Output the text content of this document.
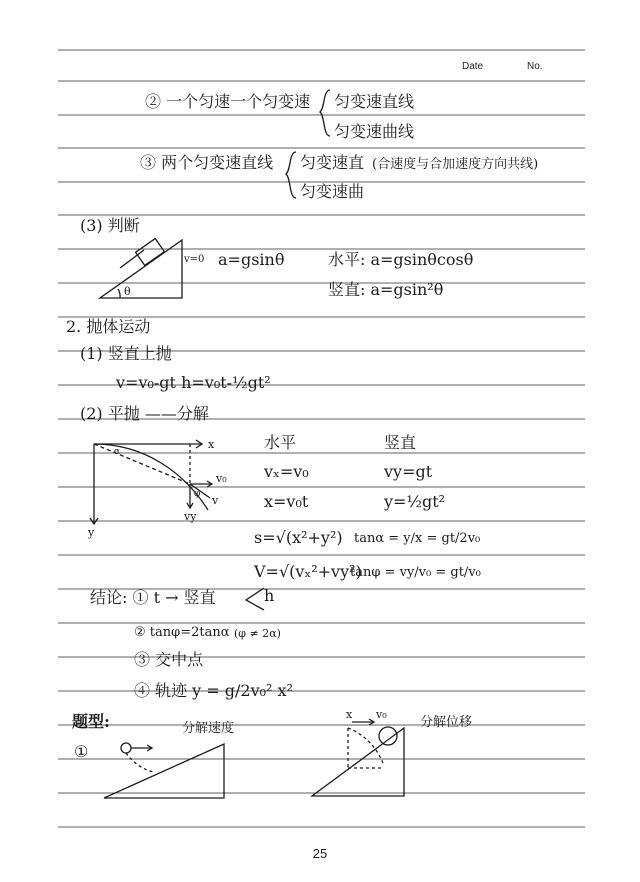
Date	No.
② 一个匀速一个匀变速 匀变速直线
匀变速曲线
③ 两个匀变速直线 匀变速直 (合速度与合加速度方向共线)
匀变速曲
(3) 判断
θ
v=0 a=gsinθ	水平: a=gsinθcosθ
竖直: a=gsin²θ
2. 抛体运动
(1) 竖直上抛
v=v₀-gt h=v₀t-½gt²
(2) 平抛 ——分解
x
y
v₀
v
vy
α
φ
水平	竖直
vₓ=v₀	vy=gt
x=v₀t	y=½gt²
s=√(x²+y²) tanα = y/x = gt/2v₀
V=√(vₓ²+vy²)
tanφ = vy/v₀ = gt/v₀
结论: ① t → 竖直	h
② tanφ=2tanα (φ ≠ 2α)
③ 交中点
④ 轨迹 y = g/2v₀² x²
题型:
①
分解速度	分解位移
x v₀
25
